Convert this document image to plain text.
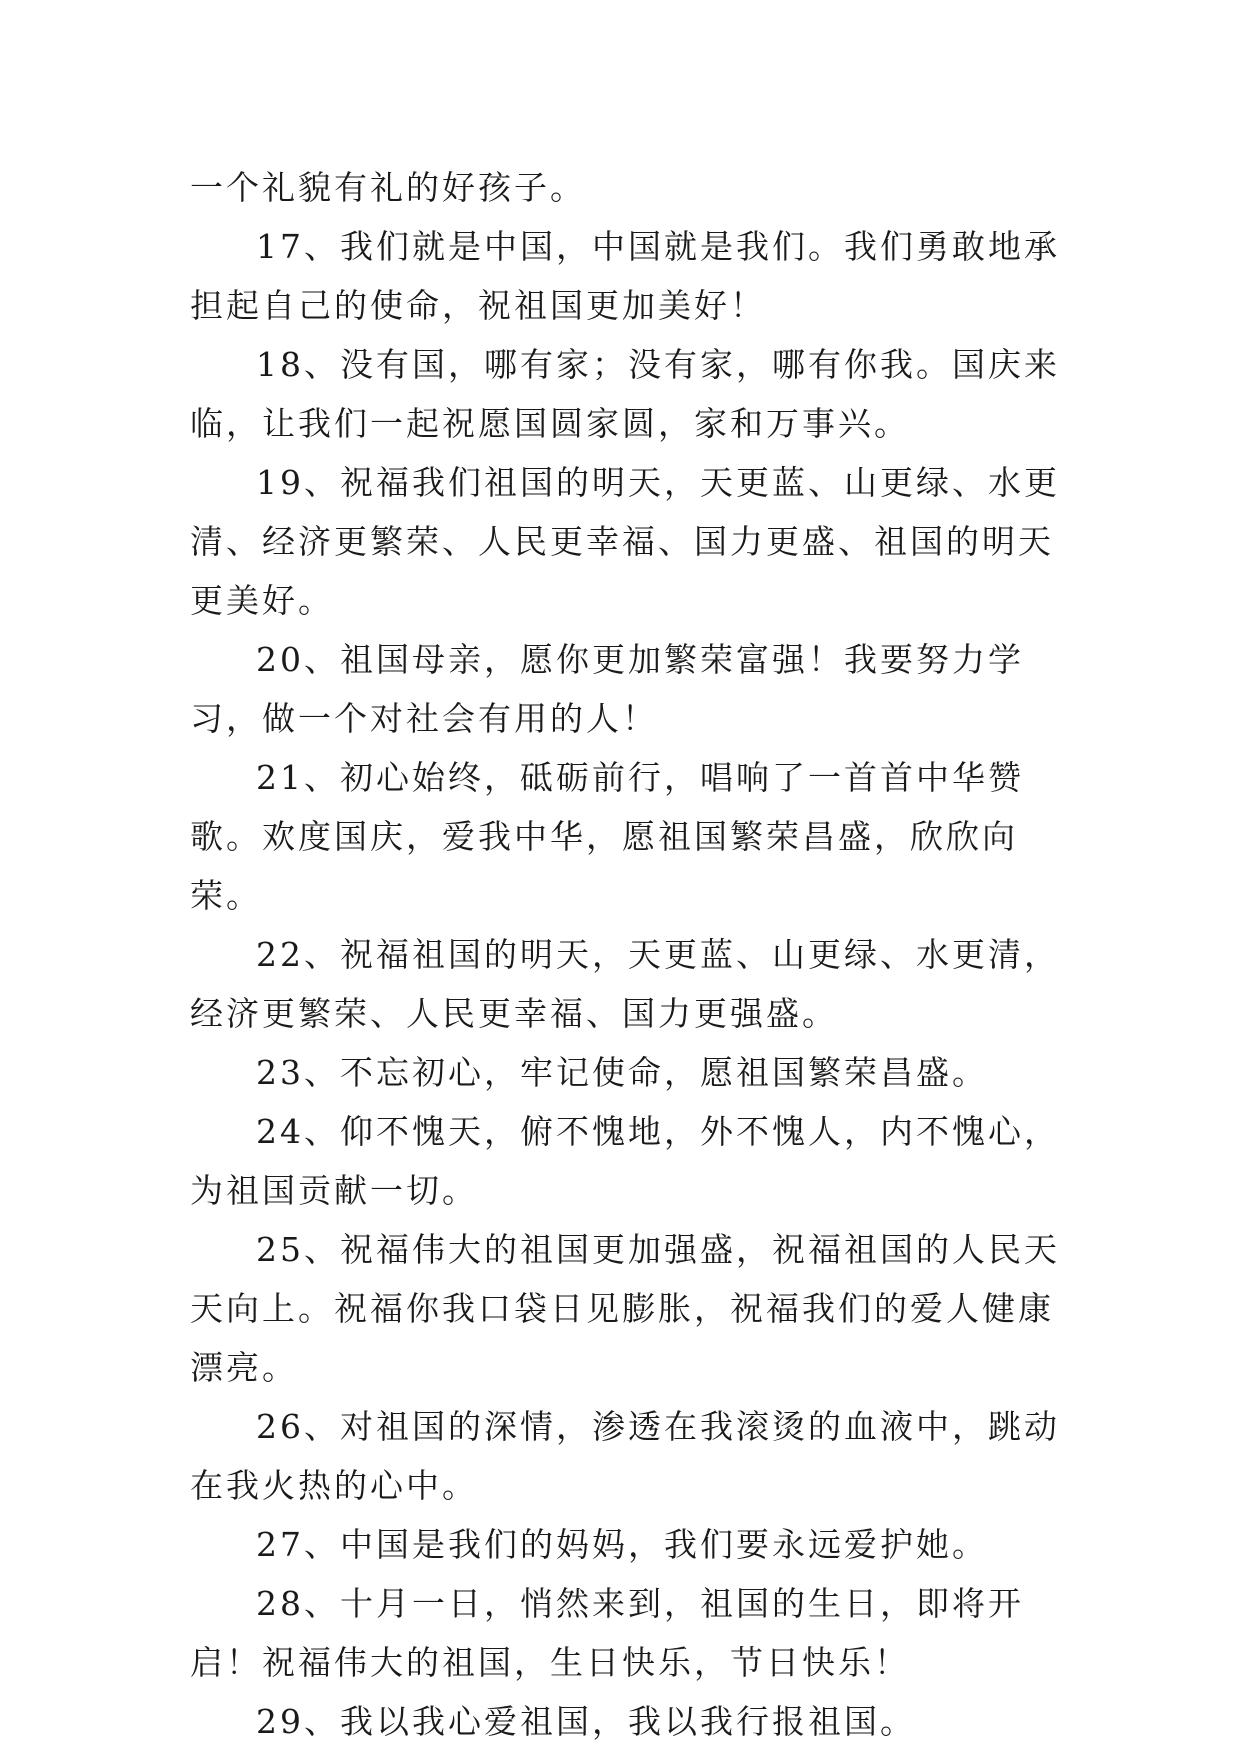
一个礼貌有礼的好孩子。

17、我们就是中国，中国就是我们。我们勇敢地承担起自己的使命，祝祖国更加美好！

18、没有国，哪有家；没有家，哪有你我。国庆来临，让我们一起祝愿国圆家圆，家和万事兴。

19、祝福我们祖国的明天，天更蓝、山更绿、水更清、经济更繁荣、人民更幸福、国力更盛、祖国的明天更美好。

20、祖国母亲，愿你更加繁荣富强！我要努力学习，做一个对社会有用的人！

21、初心始终，砥砺前行，唱响了一首首中华赞歌。欢度国庆，爱我中华，愿祖国繁荣昌盛，欣欣向荣。

22、祝福祖国的明天，天更蓝、山更绿、水更清，经济更繁荣、人民更幸福、国力更强盛。

23、不忘初心，牢记使命，愿祖国繁荣昌盛。

24、仰不愧天，俯不愧地，外不愧人，内不愧心，为祖国贡献一切。

25、祝福伟大的祖国更加强盛，祝福祖国的人民天天向上。祝福你我口袋日见膨胀，祝福我们的爱人健康漂亮。

26、对祖国的深情，渗透在我滚烫的血液中，跳动在我火热的心中。

27、中国是我们的妈妈，我们要永远爱护她。

28、十月一日，悄然来到，祖国的生日，即将开启！祝福伟大的祖国，生日快乐，节日快乐！

29、我以我心爱祖国，我以我行报祖国。
